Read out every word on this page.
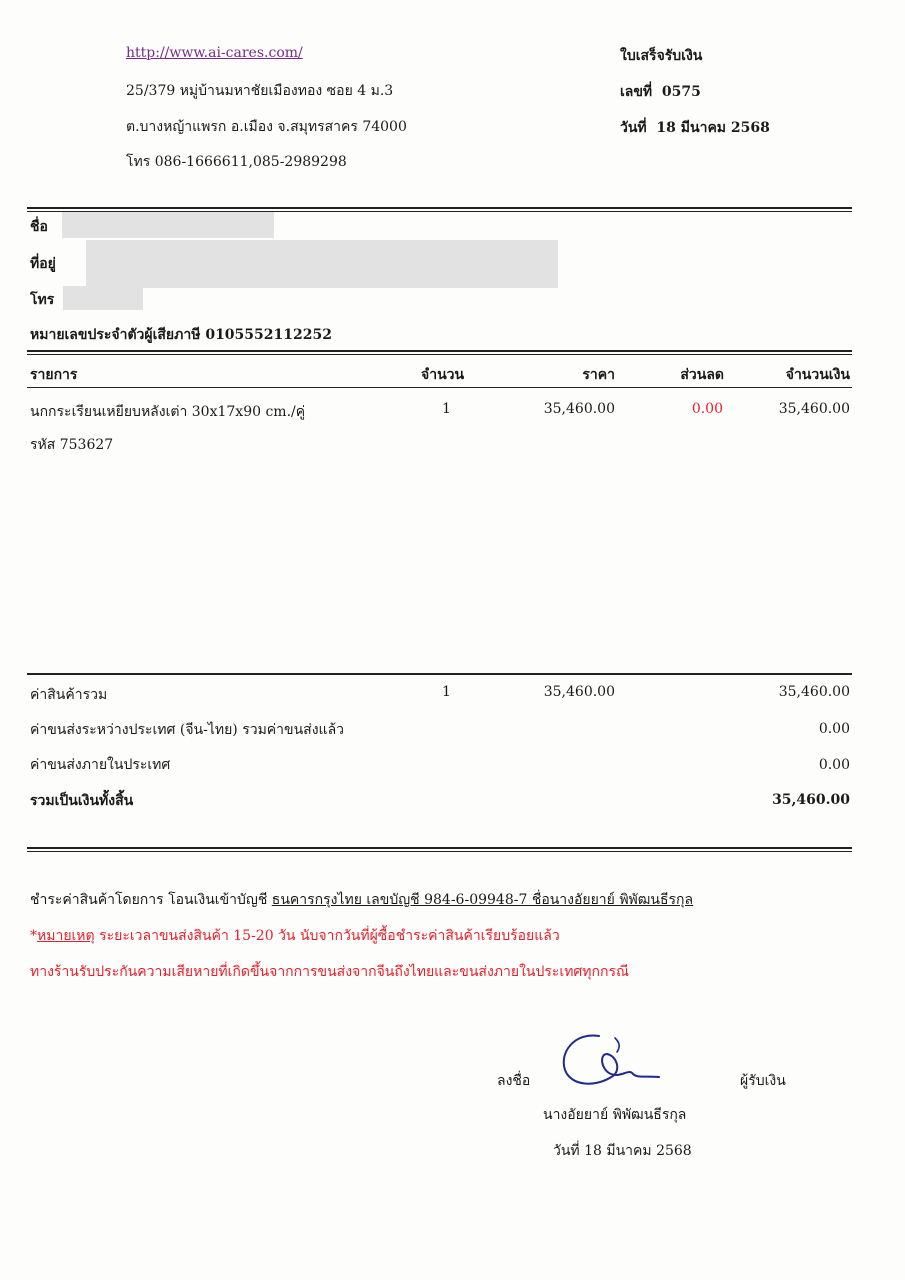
http://www.ai-cares.com/
25/379 หมู่บ้านมหาชัยเมืองทอง ซอย 4 ม.3
ต.บางหญ้าแพรก อ.เมือง จ.สมุทรสาคร 74000
โทร 086-1666611,085-2989298
ใบเสร็จรับเงิน
เลขที่ 0575
วันที่ 18 มีนาคม 2568
ชื่อ
ที่อยู่
โทร
หมายเลขประจำตัวผู้เสียภาษี 0105552112252
รายการ	จำนวน	ราคา	ส่วนลด	จำนวนเงิน
นกกระเรียนเหยียบหลังเต่า 30x17x90 cm./คู่	1	35,460.00	0.00	35,460.00
รหัส 753627
ค่าสินค้ารวม	1	35,460.00	35,460.00
ค่าขนส่งระหว่างประเทศ (จีน-ไทย) รวมค่าขนส่งแล้ว	0.00
ค่าขนส่งภายในประเทศ	0.00
รวมเป็นเงินทั้งสิ้น	35,460.00
ชำระค่าสินค้าโดยการ โอนเงินเข้าบัญชี ธนคารกรุงไทย เลขบัญชี 984-6-09948-7 ชื่อนางอัยยาย์ พิพัฒนธีรกุล
*หมายเหตุ ระยะเวลาขนส่งสินค้า 15-20 วัน นับจากวันที่ผู้ซื้อชำระค่าสินค้าเรียบร้อยแล้ว
ทางร้านรับประกันความเสียหายที่เกิดขึ้นจากการขนส่งจากจีนถึงไทยและขนส่งภายในประเทศทุกกรณี
ลงชื่อ	ผู้รับเงิน
นางอัยยาย์ พิพัฒนธีรกุล
วันที่ 18 มีนาคม 2568
